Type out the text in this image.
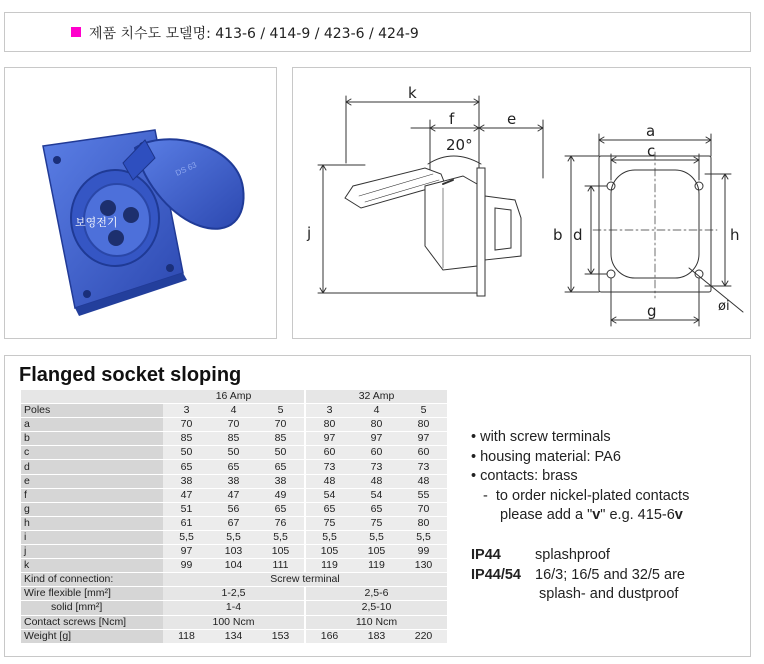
제품 치수도 모델명: 413-6 / 414-9 / 423-6 / 424-9
DS 63
보영전기
k
f	e
20°
j
a
c
b d	h
g	øi
Flanged socket sloping
	16 Amp			32 Amp		
Poles	3	4	5	3	4	5
a	70	70	70	80	80	80
b	85	85	85	97	97	97
c	50	50	50	60	60	60
d	65	65	65	73	73	73
e	38	38	38	48	48	48
f	47	47	49	54	54	55
g	51	56	65	65	65	70
h	61	67	76	75	75	80
i	5,5	5,5	5,5	5,5	5,5	5,5
j	97	103	105	105	105	99
k	99	104	111	119	119	130
Kind of connection:	Screw terminal					
Wire flexible [mm²]	1-2,5			2,5-6		
solid [mm²]	1-4			2,5-10		
Contact screws [Ncm]	100 Ncm			110 Ncm		
Weight [g]	118	134	153	166	183	220
• with screw terminals
• housing material: PA6
• contacts: brass
-  to order nickel-plated contacts
please add a "v" e.g. 415-6v
IP44 splashproof
IP44/54 16/3; 16/5 and 32/5 are
splash- and dustproof
